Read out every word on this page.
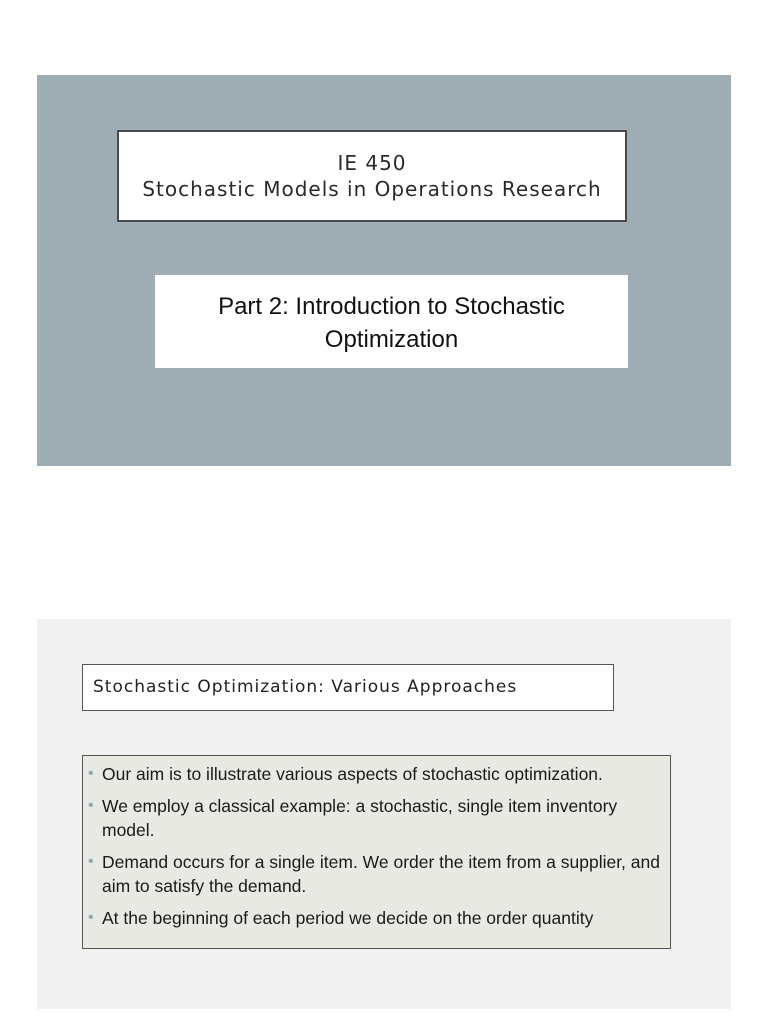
IE 450
Stochastic Models in Operations Research
Part 2: Introduction to Stochastic
Optimization
Stochastic Optimization: Various Approaches
• Our aim is to illustrate various aspects of stochastic optimization.
• We employ a classical example: a stochastic, single item inventory model.
• Demand occurs for a single item. We order the item from a supplier, and aim to satisfy the demand.
• At the beginning of each period we decide on the order quantity
